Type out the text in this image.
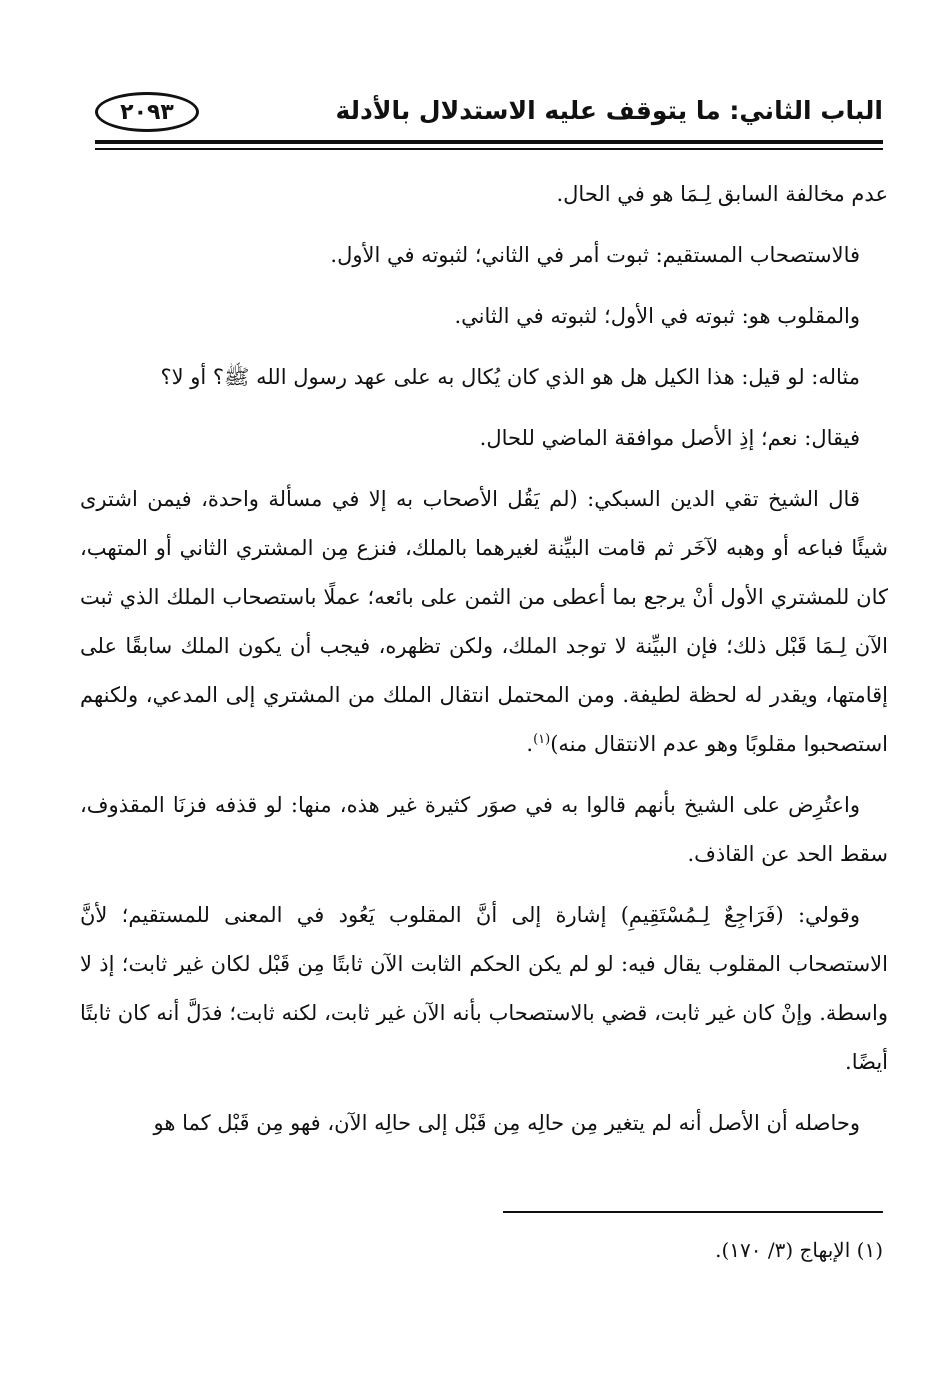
الباب الثاني: ما يتوقف عليه الاستدلال بالأدلة
٢٠٩٣

عدم مخالفة السابق لِـمَا هو في الحال.

فالاستصحاب المستقيم: ثبوت أمر في الثاني؛ لثبوته في الأول.

والمقلوب هو: ثبوته في الأول؛ لثبوته في الثاني.

مثاله: لو قيل: هذا الكيل هل هو الذي كان يُكال به على عهد رسول الله ﷺ؟ أو لا؟

فيقال: نعم؛ إذِ الأصل موافقة الماضي للحال.

قال الشيخ تقي الدين السبكي: (لم يَقُل الأصحاب به إلا في مسألة واحدة، فيمن اشترى شيئًا فباعه أو وهبه لآخَر ثم قامت البيِّنة لغيرهما بالملك، فنزع مِن المشتري الثاني أو المتهب، كان للمشتري الأول أنْ يرجع بما أعطى من الثمن على بائعه؛ عملًا باستصحاب الملك الذي ثبت الآن لِـمَا قَبْل ذلك؛ فإن البيِّنة لا توجد الملك، ولكن تظهره، فيجب أن يكون الملك سابقًا على إقامتها، ويقدر له لحظة لطيفة. ومن المحتمل انتقال الملك من المشتري إلى المدعي، ولكنهم استصحبوا مقلوبًا وهو عدم الانتقال منه)$^{(١)}$.

واعتُرِض على الشيخ بأنهم قالوا به في صوَر كثيرة غير هذه، منها: لو قذفه فزنَا المقذوف، سقط الحد عن القاذف.

وقولي: (فَرَاجِعٌ لِـمُسْتَقِيمِ) إشارة إلى أنَّ المقلوب يَعُود في المعنى للمستقيم؛ لأنَّ الاستصحاب المقلوب يقال فيه: لو لم يكن الحكم الثابت الآن ثابتًا مِن قَبْل لكان غير ثابت؛ إذ لا واسطة. وإنْ كان غير ثابت، قضي بالاستصحاب بأنه الآن غير ثابت، لكنه ثابت؛ فدَلَّ أنه كان ثابتًا أيضًا.

وحاصله أن الأصل أنه لم يتغير مِن حالِه مِن قَبْل إلى حالِه الآن، فهو مِن قَبْل كما هو

(١) الإبهاج (٣/ ١٧٠).
